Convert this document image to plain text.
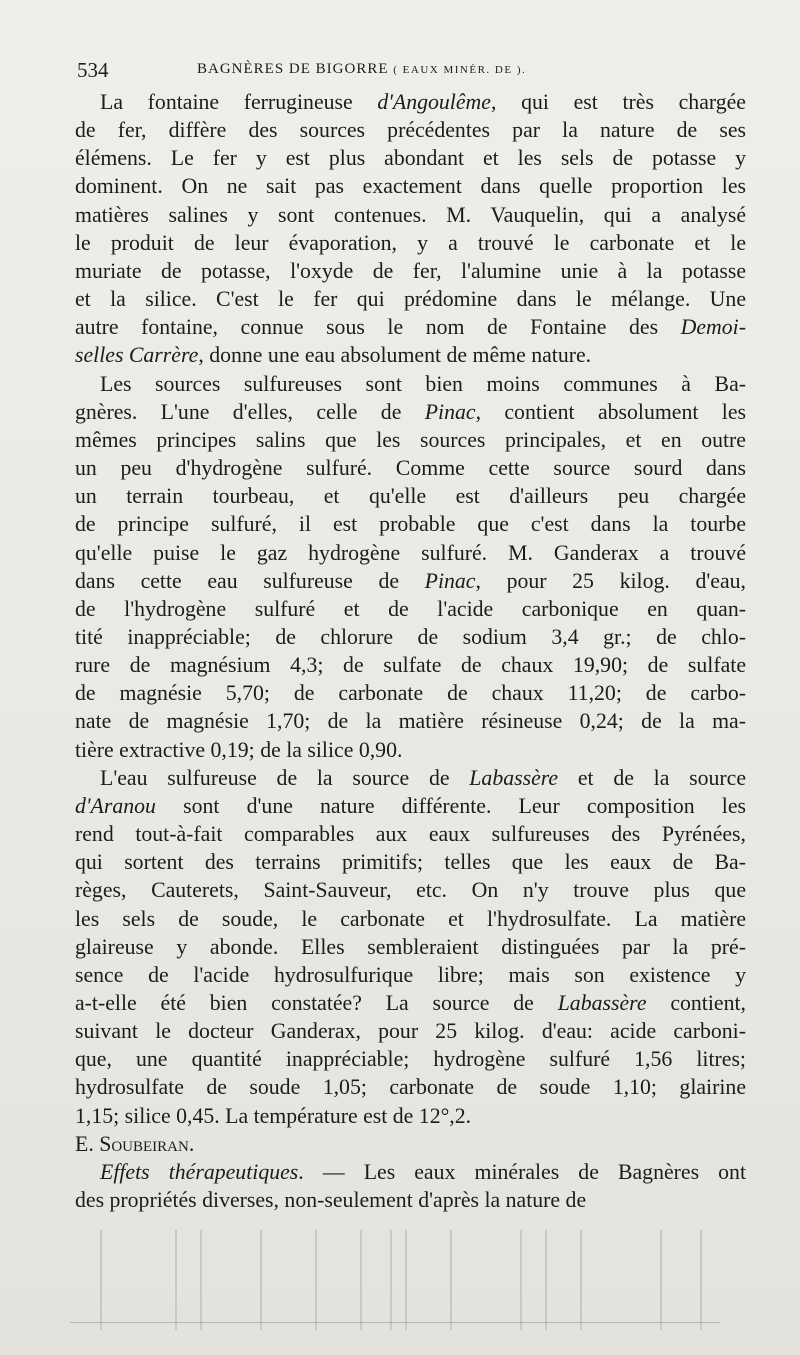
534	BAGNÈRES DE BIGORRE ( EAUX MINÉR. DE ).
La fontaine ferrugineuse d'Angoulême, qui est très chargée
de fer, diffère des sources précédentes par la nature de ses
élémens. Le fer y est plus abondant et les sels de potasse y
dominent. On ne sait pas exactement dans quelle proportion les
matières salines y sont contenues. M. Vauquelin, qui a analysé
le produit de leur évaporation, y a trouvé le carbonate et le
muriate de potasse, l'oxyde de fer, l'alumine unie à la potasse
et la silice. C'est le fer qui prédomine dans le mélange. Une
autre fontaine, connue sous le nom de Fontaine des Demoi-
selles Carrère, donne une eau absolument de même nature.
Les sources sulfureuses sont bien moins communes à Ba-
gnères. L'une d'elles, celle de Pinac, contient absolument les
mêmes principes salins que les sources principales, et en outre
un peu d'hydrogène sulfuré. Comme cette source sourd dans
un terrain tourbeau, et qu'elle est d'ailleurs peu chargée
de principe sulfuré, il est probable que c'est dans la tourbe
qu'elle puise le gaz hydrogène sulfuré. M. Ganderax a trouvé
dans cette eau sulfureuse de Pinac, pour 25 kilog. d'eau,
de l'hydrogène sulfuré et de l'acide carbonique en quan-
tité inappréciable; de chlorure de sodium 3,4 gr.; de chlo-
rure de magnésium 4,3; de sulfate de chaux 19,90; de sulfate
de magnésie 5,70; de carbonate de chaux 11,20; de carbo-
nate de magnésie 1,70; de la matière résineuse 0,24; de la ma-
tière extractive 0,19; de la silice 0,90.
L'eau sulfureuse de la source de Labassère et de la source
d'Aranou sont d'une nature différente. Leur composition les
rend tout-à-fait comparables aux eaux sulfureuses des Pyrénées,
qui sortent des terrains primitifs; telles que les eaux de Ba-
règes, Cauterets, Saint-Sauveur, etc. On n'y trouve plus que
les sels de soude, le carbonate et l'hydrosulfate. La matière
glaireuse y abonde. Elles sembleraient distinguées par la pré-
sence de l'acide hydrosulfurique libre; mais son existence y
a-t-elle été bien constatée? La source de Labassère contient,
suivant le docteur Ganderax, pour 25 kilog. d'eau: acide carboni-
que, une quantité inappréciable; hydrogène sulfuré 1,56 litres;
hydrosulfate de soude 1,05; carbonate de soude 1,10; glairine
1,15; silice 0,45. La température est de 12°,2.
E. Soubeiran.
Effets thérapeutiques. — Les eaux minérales de Bagnères ont
des propriétés diverses, non-seulement d'après la nature de
